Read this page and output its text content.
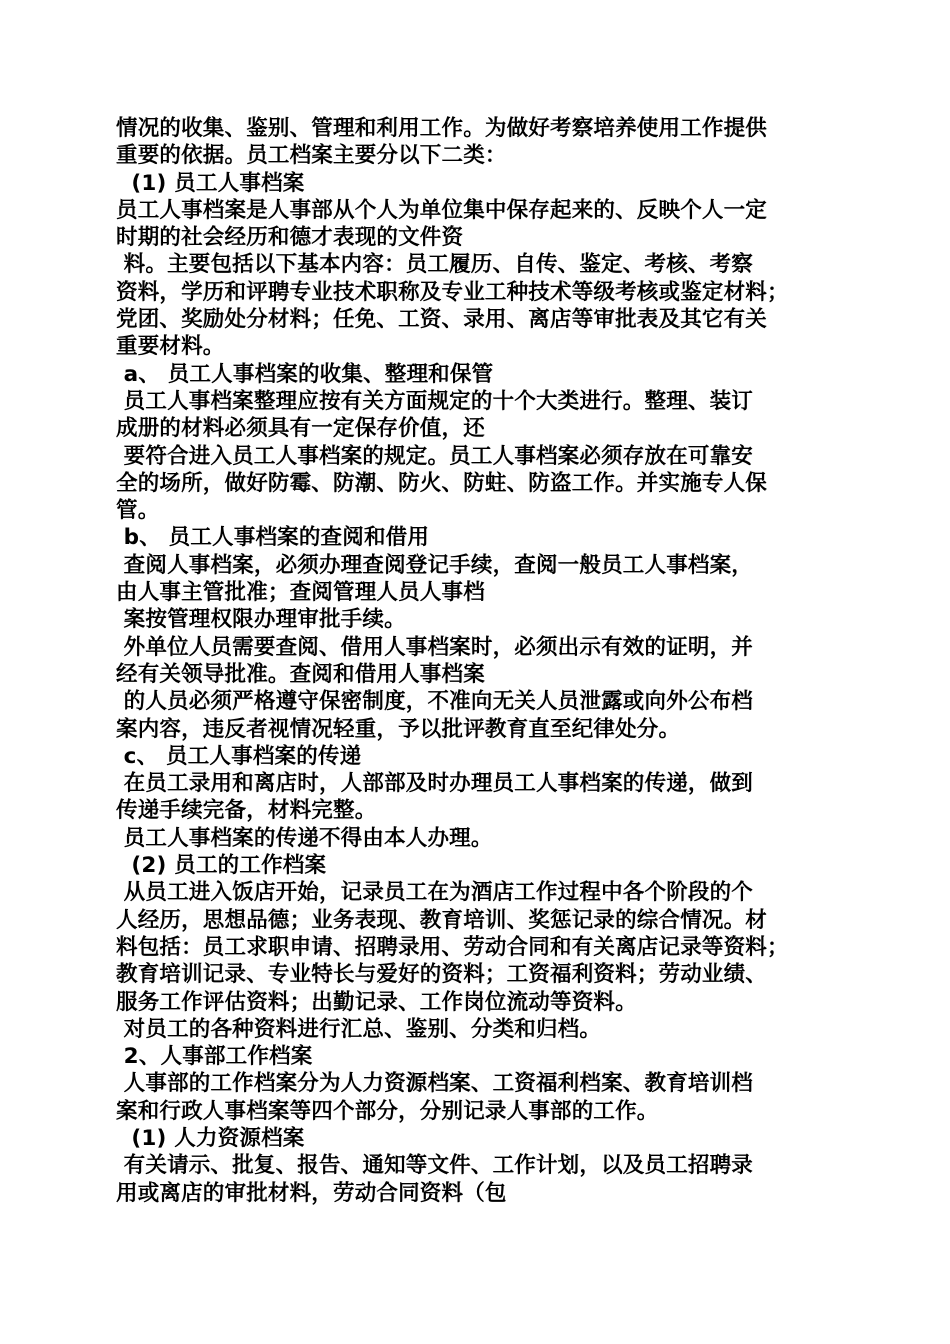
情况的收集、鉴别、管理和利用工作。为做好考察培养使用工作提供
重要的依据。员工档案主要分以下二类：
(1) 员工人事档案
员工人事档案是人事部从个人为单位集中保存起来的、反映个人一定
时期的社会经历和德才表现的文件资
料。主要包括以下基本内容：员工履历、自传、鉴定、考核、考察
资料，学历和评聘专业技术职称及专业工种技术等级考核或鉴定材料；
党团、奖励处分材料；任免、工资、录用、离店等审批表及其它有关
重要材料。
a、 员工人事档案的收集、整理和保管
员工人事档案整理应按有关方面规定的十个大类进行。整理、装订
成册的材料必须具有一定保存价值，还
要符合进入员工人事档案的规定。员工人事档案必须存放在可靠安
全的场所，做好防霉、防潮、防火、防蛀、防盗工作。并实施专人保
管。
b、 员工人事档案的查阅和借用
查阅人事档案，必须办理查阅登记手续，查阅一般员工人事档案，
由人事主管批准；查阅管理人员人事档
案按管理权限办理审批手续。
外单位人员需要查阅、借用人事档案时，必须出示有效的证明，并
经有关领导批准。查阅和借用人事档案
的人员必须严格遵守保密制度，不准向无关人员泄露或向外公布档
案内容，违反者视情况轻重，予以批评教育直至纪律处分。
c、 员工人事档案的传递
在员工录用和离店时，人部部及时办理员工人事档案的传递，做到
传递手续完备，材料完整。
员工人事档案的传递不得由本人办理。
(2) 员工的工作档案
从员工进入饭店开始，记录员工在为酒店工作过程中各个阶段的个
人经历，思想品德；业务表现、教育培训、奖惩记录的综合情况。材
料包括：员工求职申请、招聘录用、劳动合同和有关离店记录等资料；
教育培训记录、专业特长与爱好的资料；工资福利资料；劳动业绩、
服务工作评估资料；出勤记录、工作岗位流动等资料。
对员工的各种资料进行汇总、鉴别、分类和归档。
2、人事部工作档案
人事部的工作档案分为人力资源档案、工资福利档案、教育培训档
案和行政人事档案等四个部分，分别记录人事部的工作。
(1) 人力资源档案
有关请示、批复、报告、通知等文件、工作计划，以及员工招聘录
用或离店的审批材料，劳动合同资料（包
